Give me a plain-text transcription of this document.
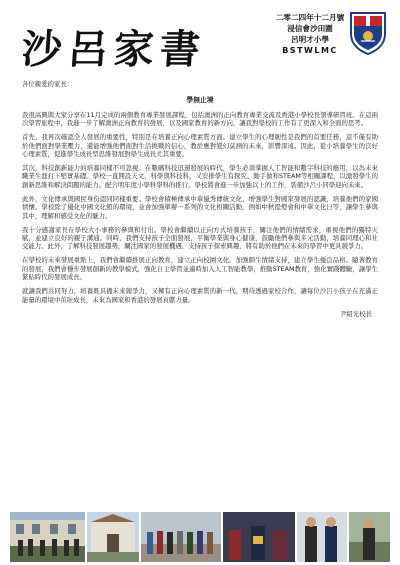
沙呂家書
二零二四年十二月號
浸信會沙田圍
呂明才小學
BSTWLMC

各位親愛的家長：

學無止境

我很高興與大家分享在11月完成的兩個教育專業發展課程，包括澳洲的正向教育專業交流及香港小學校長領導研習班。在這兩次學習旅程中，我進一步了解澳洲正向教育的發展，以及國家教育的新方向，讓我對學校的工作有了更深入和全面的思考。

首先，我再次確認全人發展的重要性，特別是在培養正向心理素質方面。建立學生的心理韌性是我們的首要任務，這不僅有助於他們面對學業壓力，還能增強他們面對生活挑戰的信心，教於應對變幻莫測的未來，影響深遠。因此，從小培養學生的良好心理素質，促進學生成長型思維發展對學生成長尤其重要。

其次，科技創新能力的培養同樣不可忽視。在數碼科技迅速發展的時代，學生必須掌握人工智能和數字科技的應用，以為未來職業生涯打下堅實基礎。學校一直開設天文、科學與科技科，又安排學生有探究、動手做和STEAM等相關課程，以激發學生的創新思維和解決問題的能力。配合明年度小學科學科的推行，學校將會進一步加強以上的工作，裝備沙呂小同學迎向未來。

此外，文化傳承與國民身份認同同樣重要。學校會積極傳承中華優秀傳統文化，增強學生對國家發展的認識，培養他們的家國情懷。學校除了優化中國文化館的環境，並會加強單辦一系列的文化相關活動，例如中秋提燈會和中華文化日等，讓學生參與其中，理解和感受文化的魅力。

我十分感謝家長在學校大小事務的參與和付出。學校會繼續以正向方式培養孩子，關注他們的情緒需求，重視他們的獨特天賦，並建立良好的親子溝通。同時，我們支持孩子全面發展，平衡學業與身心健康，鼓勵他們參與多元活動，培養同理心和社交能力。此外，了解科技發展趨勢，關注國家的發展機遇，支持孩子探索興趣，將有助於他們在未來的學習中更具競爭力。

在學校的未來發展重點上，我們會繼續推展正向教育，建立正向校園文化，加強師生情緒支持，建立學生優良品格。隨著教育的發展，我們會穩步發展創新的教學模式，強化自主學習並適時加入人工智能教學，推動STEAM教育，強化實踐體驗，讓學生緊貼時代的發展成長。

就讓我們共同努力，培養既具備未來競爭力，又擁有正向心理素質的新一代。期待透過家校合作，讓每位沙呂小孩子在充滿正能量的環境中茁壯成長，未來為國家和香港的發展貢獻力量。

尹紹光校長
